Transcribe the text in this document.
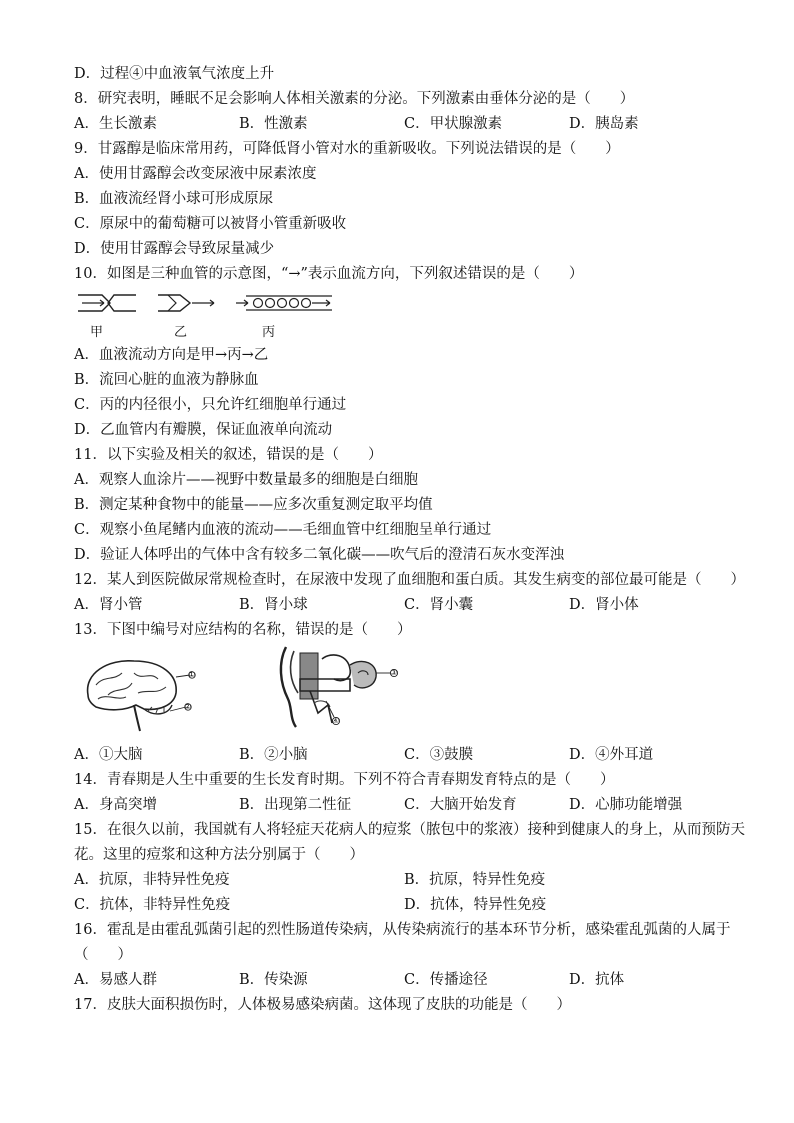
D．过程④中血液氧气浓度上升
8．研究表明，睡眠不足会影响人体相关激素的分泌。下列激素由垂体分泌的是（　　）
A．生长激素	B．性激素	C．甲状腺激素	D．胰岛素
9．甘露醇是临床常用药，可降低肾小管对水的重新吸收。下列说法错误的是（　　）
A．使用甘露醇会改变尿液中尿素浓度
B．血液流经肾小球可形成原尿
C．原尿中的葡萄糖可以被肾小管重新吸收
D．使用甘露醇会导致尿量减少
10．如图是三种血管的示意图，“→”表示血流方向，下列叙述错误的是（　　）
甲	乙	丙
A．血液流动方向是甲→丙→乙
B．流回心脏的血液为静脉血
C．丙的内径很小，只允许红细胞单行通过
D．乙血管内有瓣膜，保证血液单向流动
11．以下实验及相关的叙述，错误的是（　　）
A．观察人血涂片——视野中数量最多的细胞是白细胞
B．测定某种食物中的能量——应多次重复测定取平均值
C．观察小鱼尾鳍内血液的流动——毛细血管中红细胞呈单行通过
D．验证人体呼出的气体中含有较多二氧化碳——吹气后的澄清石灰水变浑浊
12．某人到医院做尿常规检查时，在尿液中发现了血细胞和蛋白质。其发生病变的部位最可能是（　　）
A．肾小管	B．肾小球	C．肾小囊	D．肾小体
13．下图中编号对应结构的名称，错误的是（　　）
①
②
③
④
A．①大脑	B．②小脑	C．③鼓膜	D．④外耳道
14．青春期是人生中重要的生长发育时期。下列不符合青春期发育特点的是（　　）
A．身高突增	B．出现第二性征	C．大脑开始发育	D．心肺功能增强
15．在很久以前，我国就有人将轻症天花病人的痘浆（脓包中的浆液）接种到健康人的身上，从而预防天
花。这里的痘浆和这种方法分别属于（　　）
A．抗原，非特异性免疫	B．抗原，特异性免疫
C．抗体，非特异性免疫	D．抗体，特异性免疫
16．霍乱是由霍乱弧菌引起的烈性肠道传染病，从传染病流行的基本环节分析，感染霍乱弧菌的人属于
（　　）
A．易感人群	B．传染源	C．传播途径	D．抗体
17．皮肤大面积损伤时，人体极易感染病菌。这体现了皮肤的功能是（　　）
